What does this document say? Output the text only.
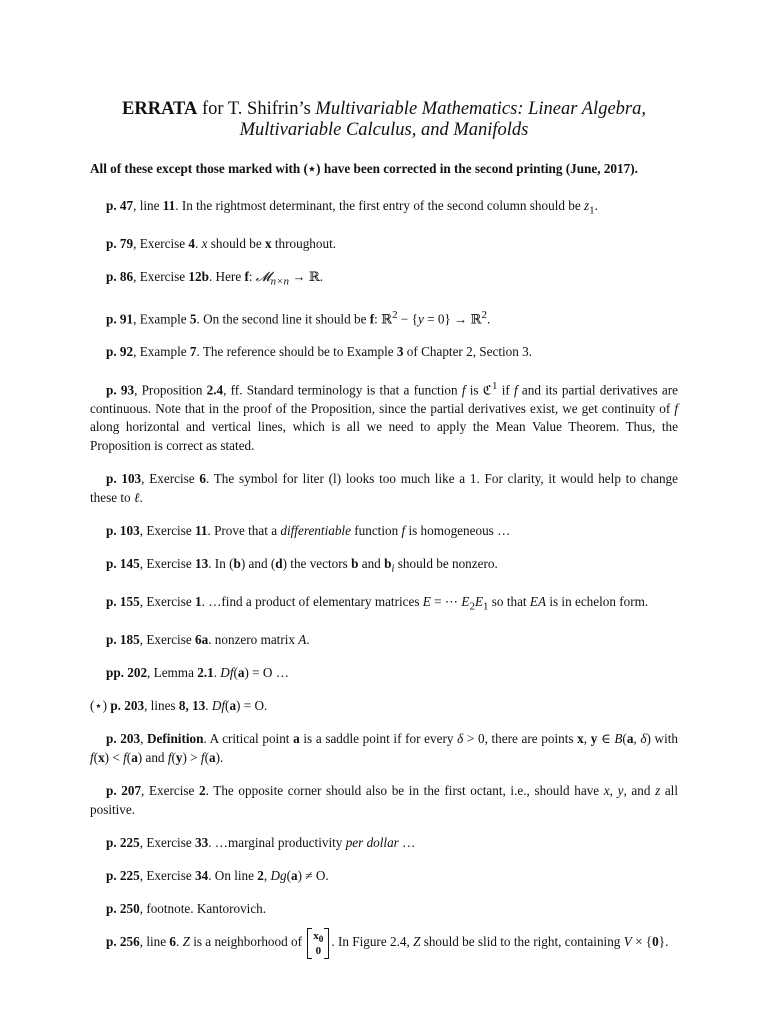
ERRATA for T. Shifrin’s Multivariable Mathematics: Linear Algebra,
Multivariable Calculus, and Manifolds
All of these except those marked with (⋆) have been corrected in the second printing (June, 2017).

p. 47, line 11. In the rightmost determinant, the first entry of the second column should be $z_1$.

p. 79, Exercise 4. x should be x throughout.

p. 86, Exercise 12b. Here f: 𝓜$_{n\times n}$ → ℝ.

p. 91, Example 5. On the second line it should be f: ℝ$^2$ − {y = 0} → ℝ$^2$.

p. 92, Example 7. The reference should be to Example 3 of Chapter 2, Section 3.

p. 93, Proposition 2.4, ff. Standard terminology is that a function f is ℭ$^1$ if f and its partial derivatives are continuous. Note that in the proof of the Proposition, since the partial derivatives exist, we get continuity of f along horizontal and vertical lines, which is all we need to apply the Mean Value Theorem. Thus, the Proposition is correct as stated.

p. 103, Exercise 6. The symbol for liter (l) looks too much like a 1. For clarity, it would help to change these to ℓ.

p. 103, Exercise 11. Prove that a differentiable function f is homogeneous …

p. 145, Exercise 13. In (b) and (d) the vectors b and $b_i$ should be nonzero.

p. 155, Exercise 1. …find a product of elementary matrices E = ⋯ $E_2E_1$ so that EA is in echelon form.

p. 185, Exercise 6a. nonzero matrix A.

pp. 202, Lemma 2.1. Df(a) = O …

(⋆) p. 203, lines 8, 13. Df(a) = O.

p. 203, Definition. A critical point a is a saddle point if for every δ > 0, there are points x, y ∈ B(a, δ) with f(x) < f(a) and f(y) > f(a).

p. 207, Exercise 2. The opposite corner should also be in the first octant, i.e., should have x, y, and z all positive.

p. 225, Exercise 33. …marginal productivity per dollar …

p. 225, Exercise 34. On line 2, Dg(a) ≠ O.

p. 250, footnote. Kantorovich.

p. 256, line 6. Z is a neighborhood of $x_0$
0
. In Figure 2.4, Z should be slid to the right, containing V × {0}.
